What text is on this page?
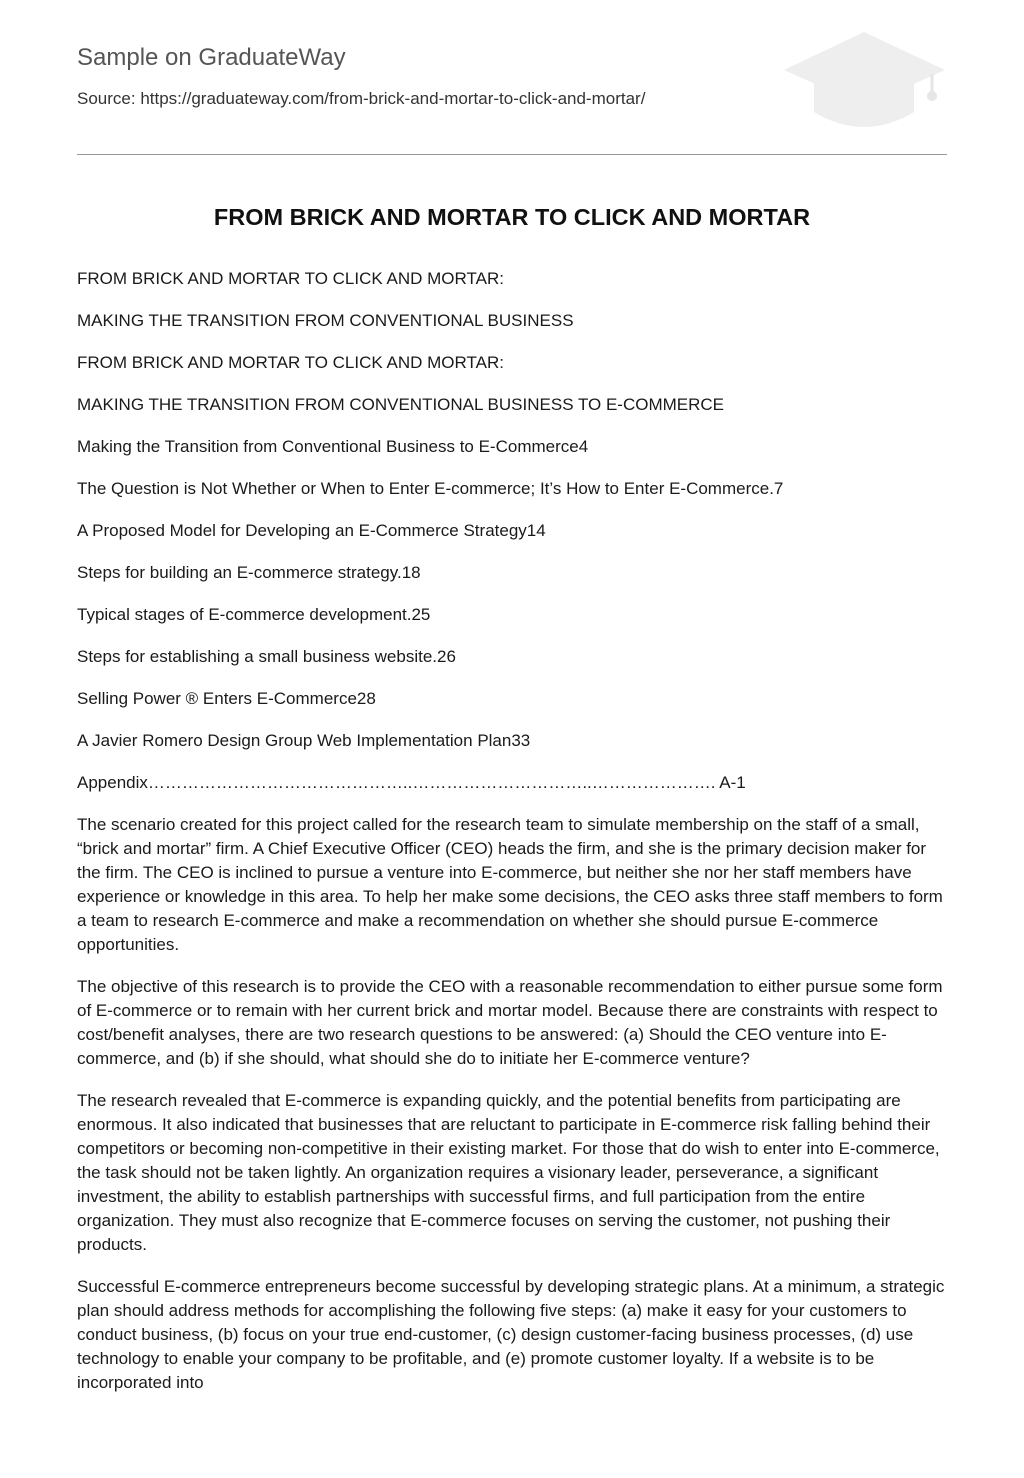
Sample on GraduateWay
Source: https://graduateway.com/from-brick-and-mortar-to-click-and-mortar/
FROM BRICK AND MORTAR TO CLICK AND MORTAR

FROM BRICK AND MORTAR TO CLICK AND MORTAR:

MAKING THE TRANSITION FROM CONVENTIONAL BUSINESS

FROM BRICK AND MORTAR TO CLICK AND MORTAR:

MAKING THE TRANSITION FROM CONVENTIONAL BUSINESS TO E-COMMERCE

Making the Transition from Conventional Business to E-Commerce4

The Question is Not Whether or When to Enter E-commerce; It’s How to Enter E-Commerce.7

A Proposed Model for Developing an E-Commerce Strategy14

Steps for building an E-commerce strategy.18

Typical stages of E-commerce development.25

Steps for establishing a small business website.26

Selling Power ® Enters E-Commerce28

A Javier Romero Design Group Web Implementation Plan33

Appendix………………………………………..…………………………..…………………. A-1

The scenario created for this project called for the research team to simulate membership on the staff of a small, “brick and mortar” firm. A Chief Executive Officer (CEO) heads the firm, and she is the primary decision maker for the firm. The CEO is inclined to pursue a venture into E-commerce, but neither she nor her staff members have experience or knowledge in this area. To help her make some decisions, the CEO asks three staff members to form a team to research E-commerce and make a recommendation on whether she should pursue E-commerce opportunities.

The objective of this research is to provide the CEO with a reasonable recommendation to either pursue some form of E-commerce or to remain with her current brick and mortar model. Because there are constraints with respect to cost/benefit analyses, there are two research questions to be answered: (a) Should the CEO venture into E-commerce, and (b) if she should, what should she do to initiate her E-commerce venture?

The research revealed that E-commerce is expanding quickly, and the potential benefits from participating are enormous. It also indicated that businesses that are reluctant to participate in E-commerce risk falling behind their competitors or becoming non-competitive in their existing market. For those that do wish to enter into E-commerce, the task should not be taken lightly. An organization requires a visionary leader, perseverance, a significant investment, the ability to establish partnerships with successful firms, and full participation from the entire organization. They must also recognize that E-commerce focuses on serving the customer, not pushing their products.

Successful E-commerce entrepreneurs become successful by developing strategic plans. At a minimum, a strategic plan should address methods for accomplishing the following five steps: (a) make it easy for your customers to conduct business, (b) focus on your true end-customer, (c) design customer-facing business processes, (d) use technology to enable your company to be profitable, and (e) promote customer loyalty. If a website is to be incorporated into
